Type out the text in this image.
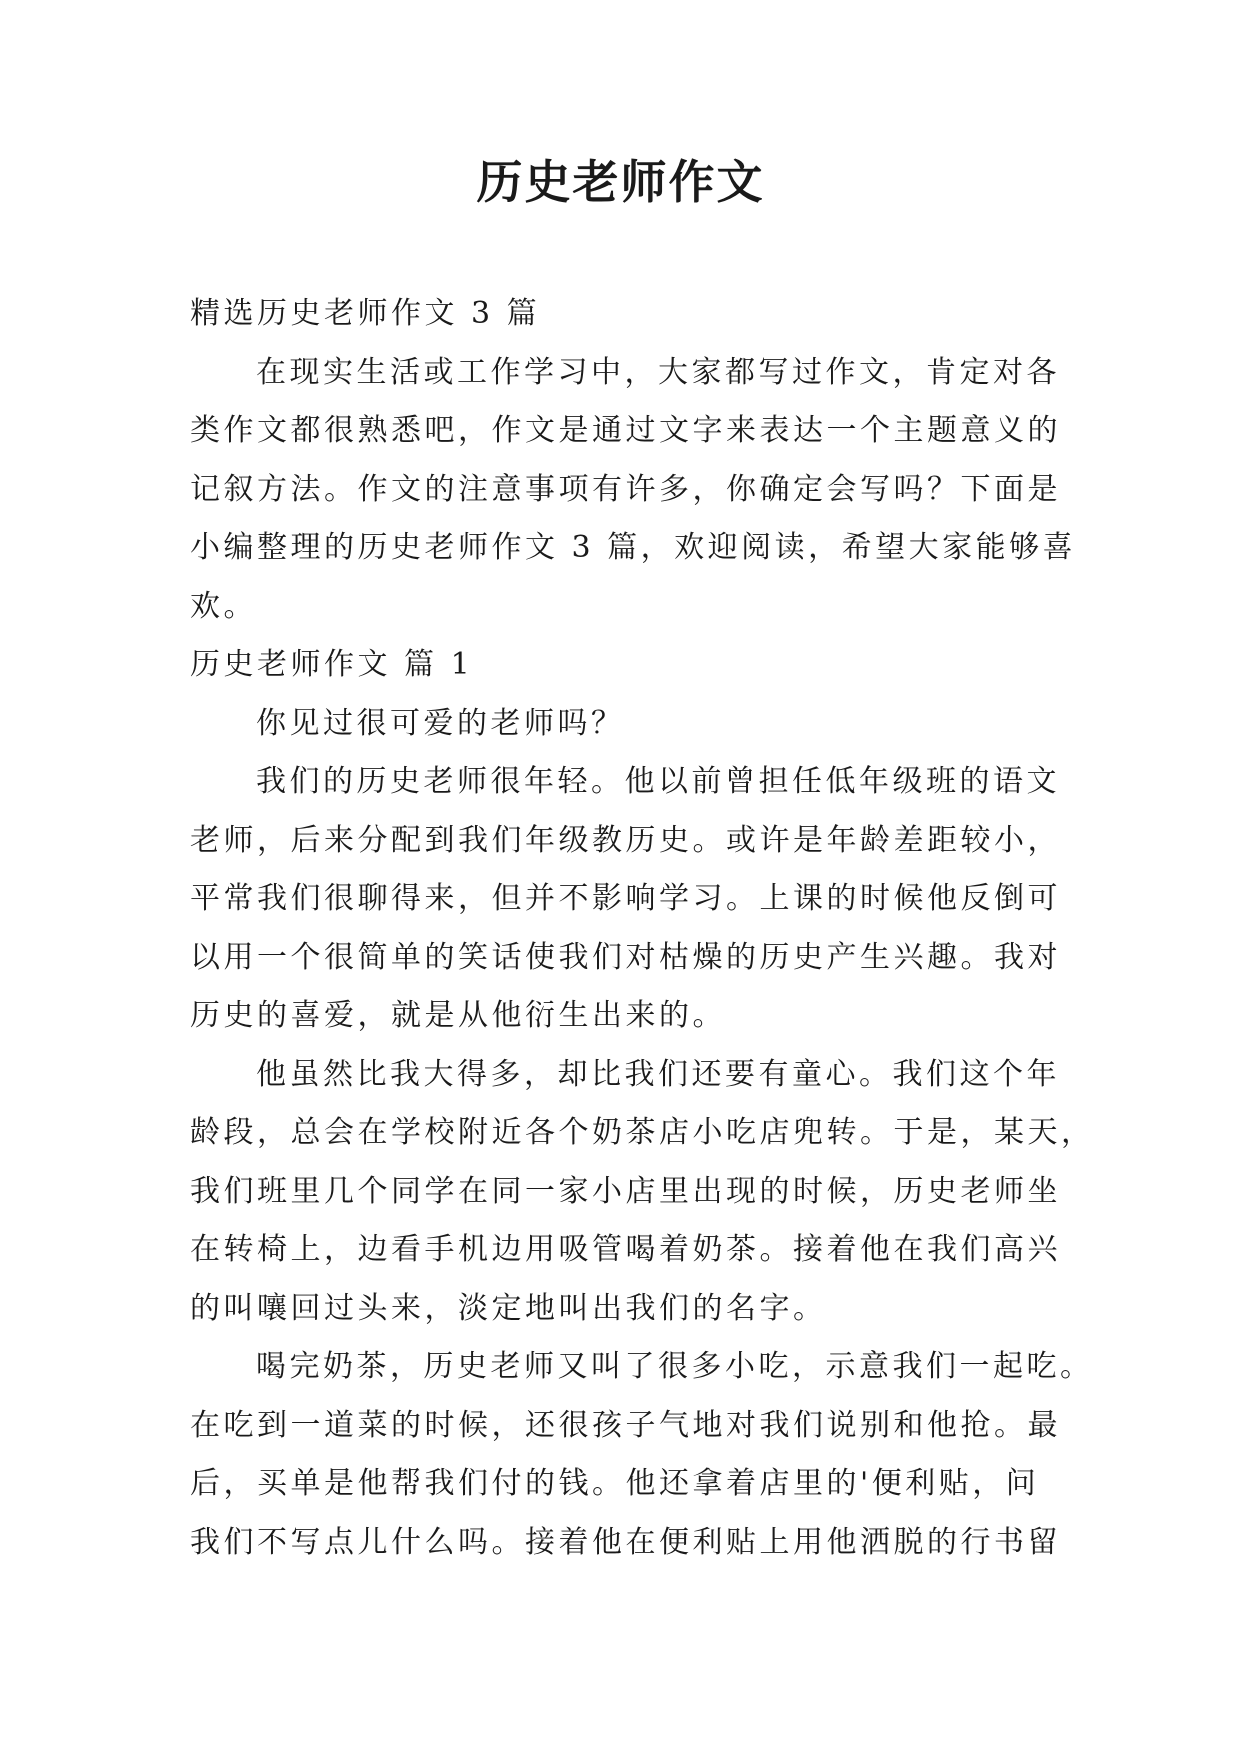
历史老师作文

精选历史老师作文 3 篇

在现实生活或工作学习中，大家都写过作文，肯定对各

类作文都很熟悉吧，作文是通过文字来表达一个主题意义的

记叙方法。作文的注意事项有许多，你确定会写吗？下面是

小编整理的历史老师作文 3 篇，欢迎阅读，希望大家能够喜

欢。

历史老师作文 篇 1

你见过很可爱的老师吗？

我们的历史老师很年轻。他以前曾担任低年级班的语文

老师，后来分配到我们年级教历史。或许是年龄差距较小，

平常我们很聊得来，但并不影响学习。上课的时候他反倒可

以用一个很简单的笑话使我们对枯燥的历史产生兴趣。我对

历史的喜爱，就是从他衍生出来的。

他虽然比我大得多，却比我们还要有童心。我们这个年

龄段，总会在学校附近各个奶茶店小吃店兜转。于是，某天，

我们班里几个同学在同一家小店里出现的时候，历史老师坐

在转椅上，边看手机边用吸管喝着奶茶。接着他在我们高兴

的叫嚷回过头来，淡定地叫出我们的名字。

喝完奶茶，历史老师又叫了很多小吃，示意我们一起吃。

在吃到一道菜的时候，还很孩子气地对我们说别和他抢。最

后，买单是他帮我们付的钱。他还拿着店里的'便利贴，问

我们不写点儿什么吗。接着他在便利贴上用他洒脱的行书留
